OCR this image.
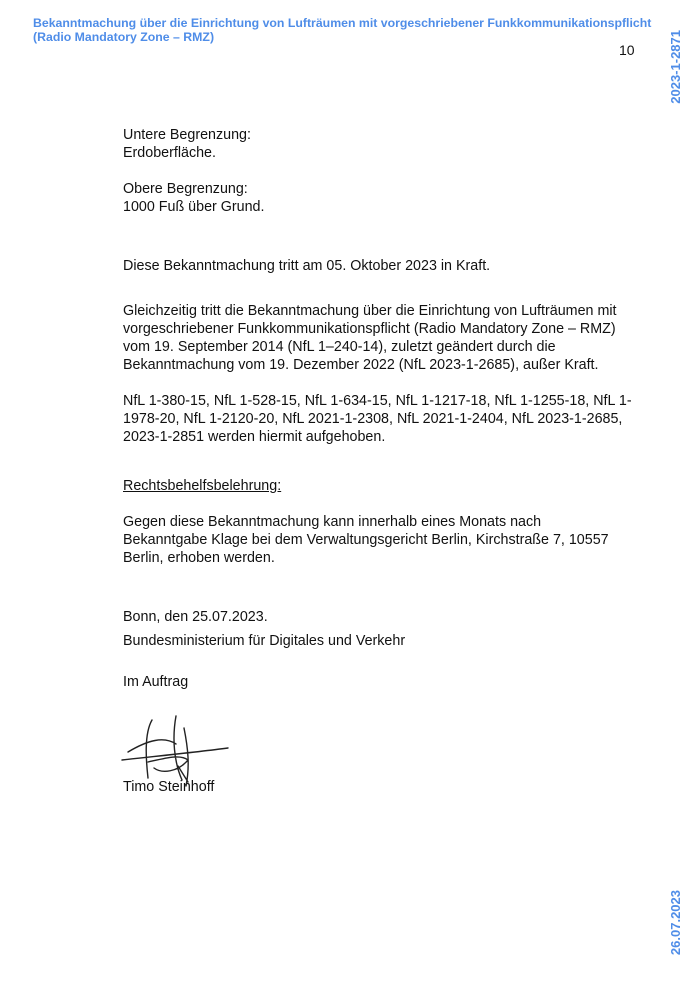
Bekanntmachung über die Einrichtung von Lufträumen mit vorgeschriebener Funkkommunikationspflicht (Radio Mandatory Zone – RMZ)
10	2023-1-2871
26.07.2023

Untere Begrenzung:

Erdoberfläche.

Obere Begrenzung:

1000 Fuß über Grund.

Diese Bekanntmachung tritt am 05. Oktober 2023 in Kraft.

Gleichzeitig tritt die Bekanntmachung über die Einrichtung von Lufträumen mit vorgeschriebener Funkkommunikationspflicht (Radio Mandatory Zone – RMZ) vom 19. September 2014 (NfL 1–240-14), zuletzt geändert durch die Bekanntmachung vom 19. Dezember 2022 (NfL 2023-1-2685), außer Kraft.

NfL 1-380-15, NfL 1-528-15, NfL 1-634-15, NfL 1-1217-18, NfL 1-1255-18, NfL 1-1978-20, NfL 1-2120-20, NfL 2021-1-2308, NfL 2021-1-2404, NfL 2023-1-2685, 2023-1-2851 werden hiermit aufgehoben.

Rechtsbehelfsbelehrung:

Gegen diese Bekanntmachung kann innerhalb eines Monats nach Bekanntgabe Klage bei dem Verwaltungsgericht Berlin, Kirchstraße 7, 10557 Berlin, erhoben werden.

Bonn, den 25.07.2023.

Bundesministerium für Digitales und Verkehr

Im Auftrag

Timo Steinhoff
